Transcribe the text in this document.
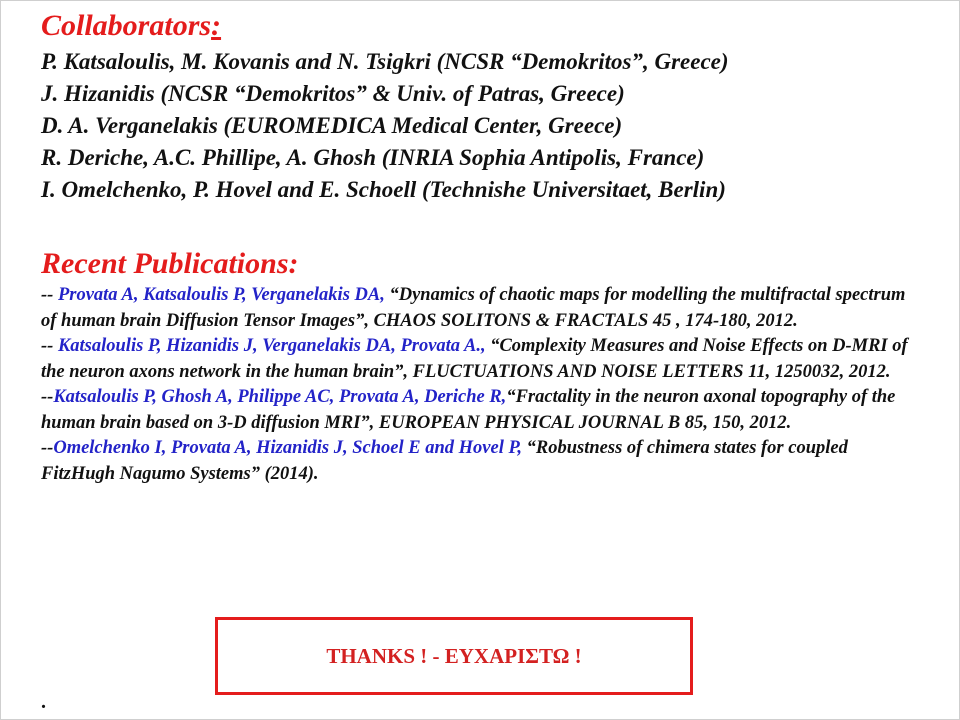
Collaborators:
P. Katsaloulis, M. Kovanis and N. Tsigkri (NCSR “Demokritos”, Greece)
J. Hizanidis (NCSR “Demokritos” & Univ. of Patras, Greece)
D. A. Verganelakis (EUROMEDICA Medical Center, Greece)
R. Deriche, A.C. Phillipe, A. Ghosh (INRIA Sophia Antipolis, France)
I. Omelchenko, P. Hovel and E. Schoell (Technishe Universitaet, Berlin)
Recent Publications:
-- Provata A, Katsaloulis P, Verganelakis DA, “Dynamics of chaotic maps for modelling the multifractal spectrum of human brain Diffusion Tensor Images”, CHAOS SOLITONS & FRACTALS 45 , 174-180, 2012.
-- Katsaloulis P, Hizanidis J, Verganelakis DA, Provata A., “Complexity Measures and Noise Effects on D-MRI of the neuron axons network in the human brain”, FLUCTUATIONS AND NOISE LETTERS 11, 1250032, 2012.
--Katsaloulis P, Ghosh A, Philippe AC, Provata A, Deriche R,“Fractality in the neuron axonal topography of the human brain based on 3-D diffusion MRI”, EUROPEAN PHYSICAL JOURNAL B 85, 150, 2012.
--Omelchenko I, Provata A, Hizanidis J, Schoel E and Hovel P, “Robustness of chimera states for coupled FitzHugh Nagumo Systems” (2014).
THANKS ! - ΕΥΧΑΡΙΣΤΩ !
.
